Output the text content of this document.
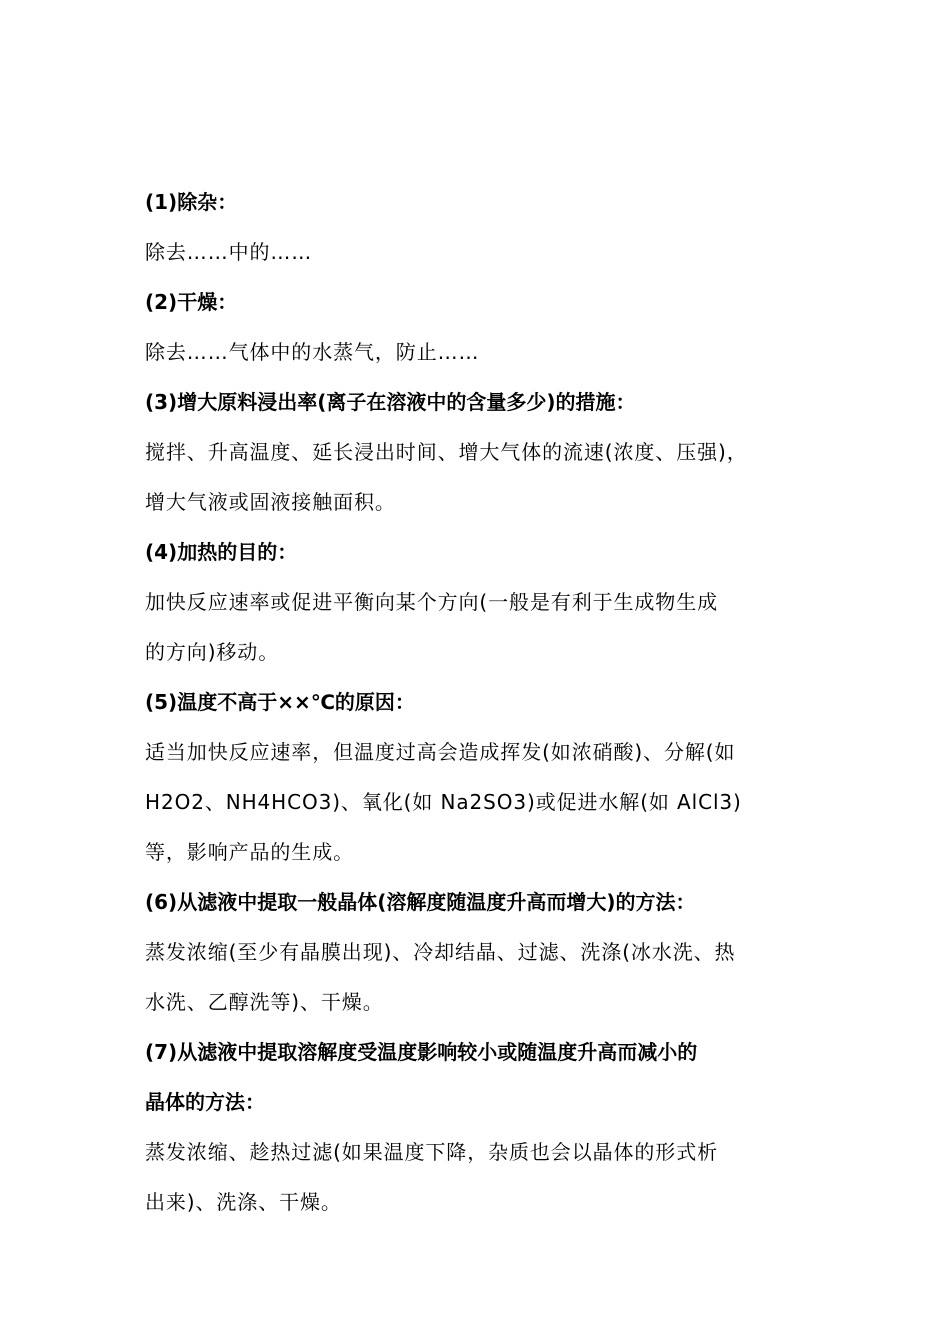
(1)除杂：
除去……中的……
(2)干燥：
除去……气体中的水蒸气，防止……
(3)增大原料浸出率(离子在溶液中的含量多少)的措施：
搅拌、升高温度、延长浸出时间、增大气体的流速(浓度、压强)，
增大气液或固液接触面积。
(4)加热的目的：
加快反应速率或促进平衡向某个方向(一般是有利于生成物生成
的方向)移动。
(5)温度不高于××℃的原因：
适当加快反应速率，但温度过高会造成挥发(如浓硝酸)、分解(如
H2O2、NH4HCO3)、氧化(如 Na2SO3)或促进水解(如 AlCl3)
等，影响产品的生成。
(6)从滤液中提取一般晶体(溶解度随温度升高而增大)的方法：
蒸发浓缩(至少有晶膜出现)、冷却结晶、过滤、洗涤(冰水洗、热
水洗、乙醇洗等)、干燥。
(7)从滤液中提取溶解度受温度影响较小或随温度升高而减小的
晶体的方法：
蒸发浓缩、趁热过滤(如果温度下降，杂质也会以晶体的形式析
出来)、洗涤、干燥。
